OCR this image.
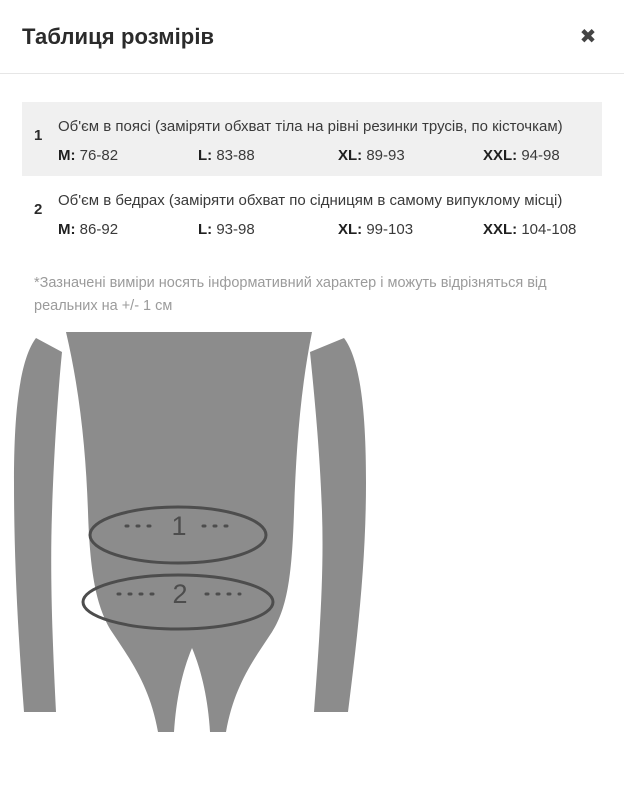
Таблиця розмірів	✖
1
Об'єм в поясі (заміряти обхват тіла на рівні резинки трусів, по кісточкам)
M: 76-82	L: 83-88	XL: 89-93	XXL: 94-98
2
Об'єм в бедрах (заміряти обхват по сідницям в самому випуклому місці)
M: 86-92	L: 93-98	XL: 99-103	XXL: 104-108
*Зазначені виміри носять інформативний характер і можуть відрізняться від реальних на +/- 1 см
1
2
